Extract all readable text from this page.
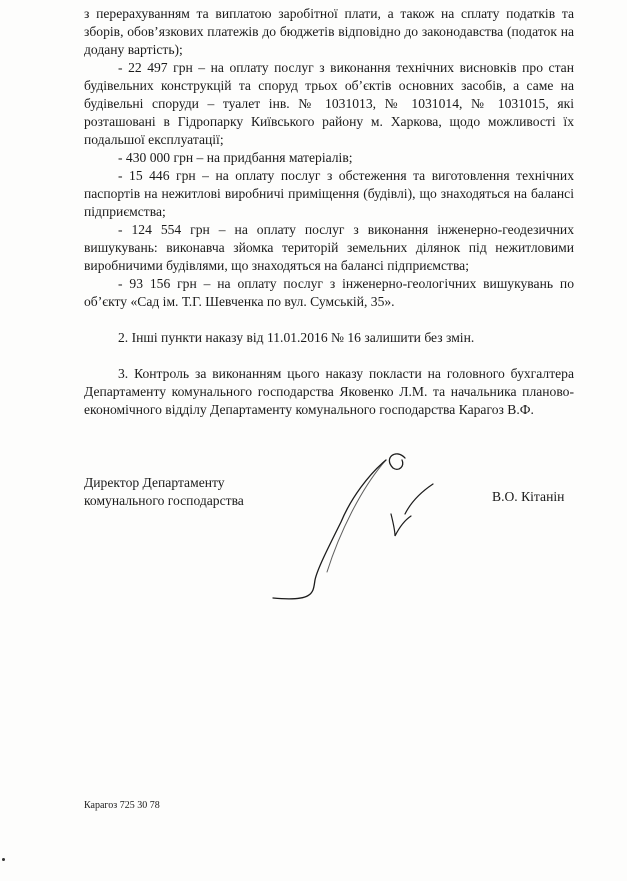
з перерахуванням та виплатою заробітної плати, а також на сплату податків та зборів, обов’язкових платежів до бюджетів відповідно до законодавства (податок на додану вартість);

- 22 497 грн – на оплату послуг з виконання технічних висновків про стан будівельних конструкцій та споруд трьох об’єктів основних засобів, а саме на будівельні споруди – туалет інв. № 1031013, № 1031014, № 1031015, які розташовані в Гідропарку Київського району м. Харкова, щодо можливості їх подальшої експлуатації;

- 430 000 грн – на придбання матеріалів;

- 15 446 грн – на оплату послуг з обстеження та виготовлення технічних паспортів на нежитлові виробничі приміщення (будівлі), що знаходяться на балансі підприємства;

- 124 554 грн – на оплату послуг з виконання інженерно-геодезичних вишукувань: виконавча зйомка територій земельних ділянок під нежитловими виробничими будівлями, що знаходяться на балансі підприємства;

- 93 156 грн – на оплату послуг з інженерно-геологічних вишукувань по об’єкту «Сад ім. Т.Г. Шевченка по вул. Сумській, 35».

2. Інші пункти наказу від 11.01.2016 № 16 залишити без змін.

3. Контроль за виконанням цього наказу покласти на головного бухгалтера Департаменту комунального господарства Яковенко Л.М. та начальника планово-економічного відділу Департаменту комунального господарства Карагоз В.Ф.

Директор Департаменту
комунального господарства	В.О. Кітанін
Карагоз 725 30 78
